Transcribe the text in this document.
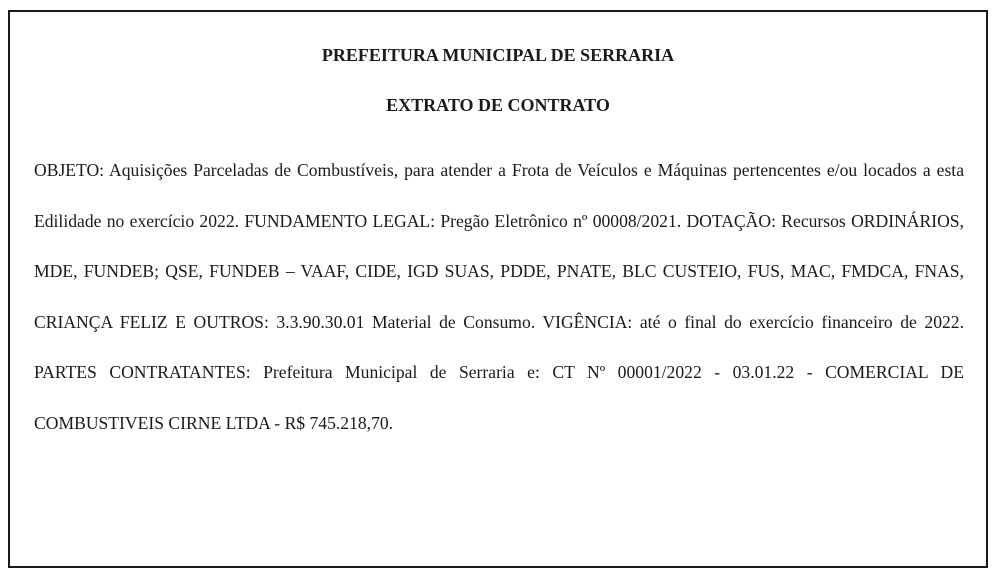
PREFEITURA MUNICIPAL DE SERRARIA
EXTRATO DE CONTRATO

OBJETO: Aquisições Parceladas de Combustíveis, para atender a Frota de Veículos e Máquinas pertencentes e/ou locados a esta Edilidade no exercício 2022. FUNDAMENTO LEGAL: Pregão Eletrônico nº 00008/2021. DOTAÇÃO: Recursos ORDINÁRIOS, MDE, FUNDEB; QSE, FUNDEB – VAAF, CIDE, IGD SUAS, PDDE, PNATE, BLC CUSTEIO, FUS, MAC, FMDCA, FNAS, CRIANÇA FELIZ E OUTROS: 3.3.90.30.01 Material de Consumo. VIGÊNCIA: até o final do exercício financeiro de 2022. PARTES CONTRATANTES: Prefeitura Municipal de Serraria e: CT Nº 00001/2022 - 03.01.22 - COMERCIAL DE COMBUSTIVEIS CIRNE LTDA - R$ 745.218,70.
